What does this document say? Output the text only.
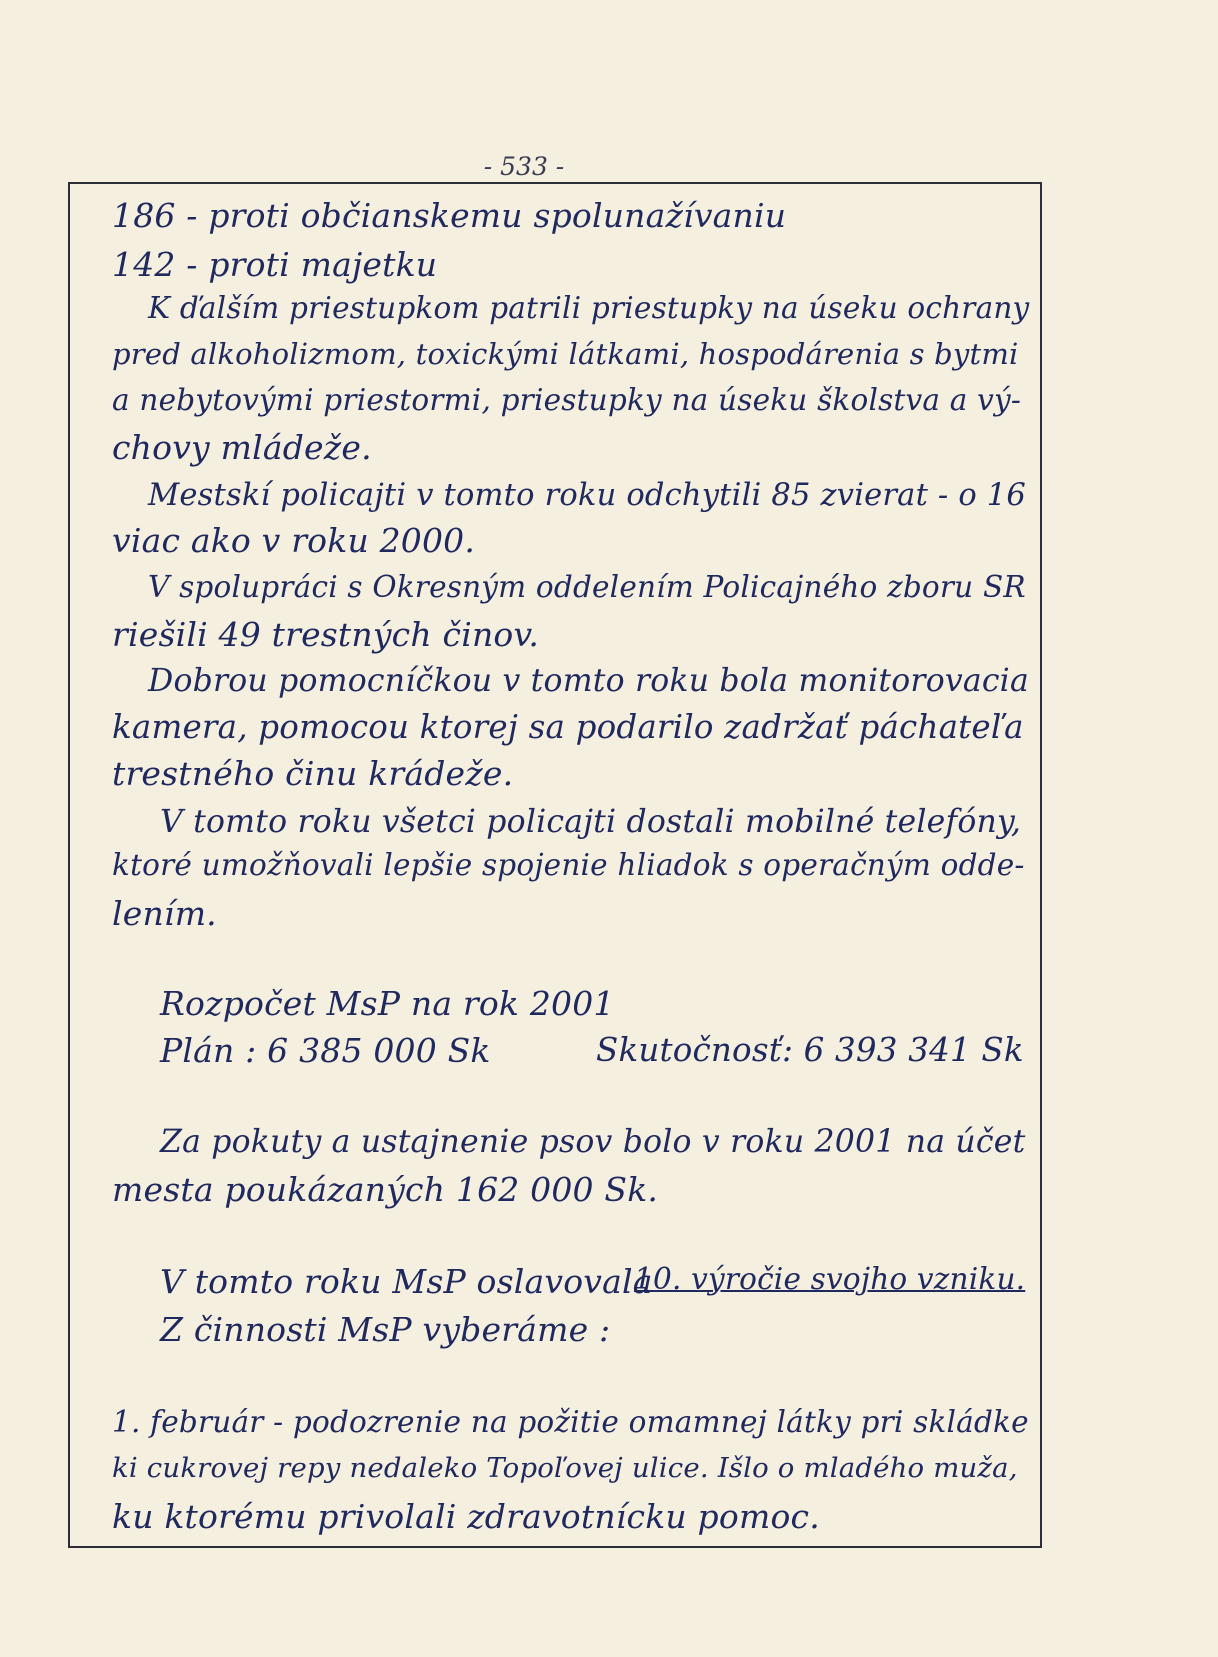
- 533 -
186 - proti občianskemu spolunažívaniu
142 - proti majetku
K ďalším priestupkom patrili priestupky na úseku ochrany
pred alkoholizmom, toxickými látkami, hospodárenia s bytmi
a nebytovými priestormi, priestupky na úseku školstva a vý-
chovy mládeže.
Mestskí policajti v tomto roku odchytili 85 zvierat - o 16
viac ako v roku 2000.
V spolupráci s Okresným oddelením Policajného zboru SR
riešili 49 trestných činov.
Dobrou pomocníčkou v tomto roku bola monitorovacia
kamera, pomocou ktorej sa podarilo zadržať páchateľa
trestného činu krádeže.
V tomto roku všetci policajti dostali mobilné telefóny,
ktoré umožňovali lepšie spojenie hliadok s operačným odde-
lením.
Rozpočet MsP na rok 2001
Plán : 6 385 000 Sk	Skutočnosť: 6 393 341 Sk
Za pokuty a ustajnenie psov bolo v roku 2001 na účet
mesta poukázaných 162 000 Sk.
V tomto roku MsP oslavovala
10. výročie svojho vzniku.
Z činnosti MsP vyberáme :
1. február - podozrenie na požitie omamnej látky pri skládke
ki cukrovej repy nedaleko Topoľovej ulice. Išlo o mladého muža,
ku ktorému privolali zdravotnícku pomoc.
